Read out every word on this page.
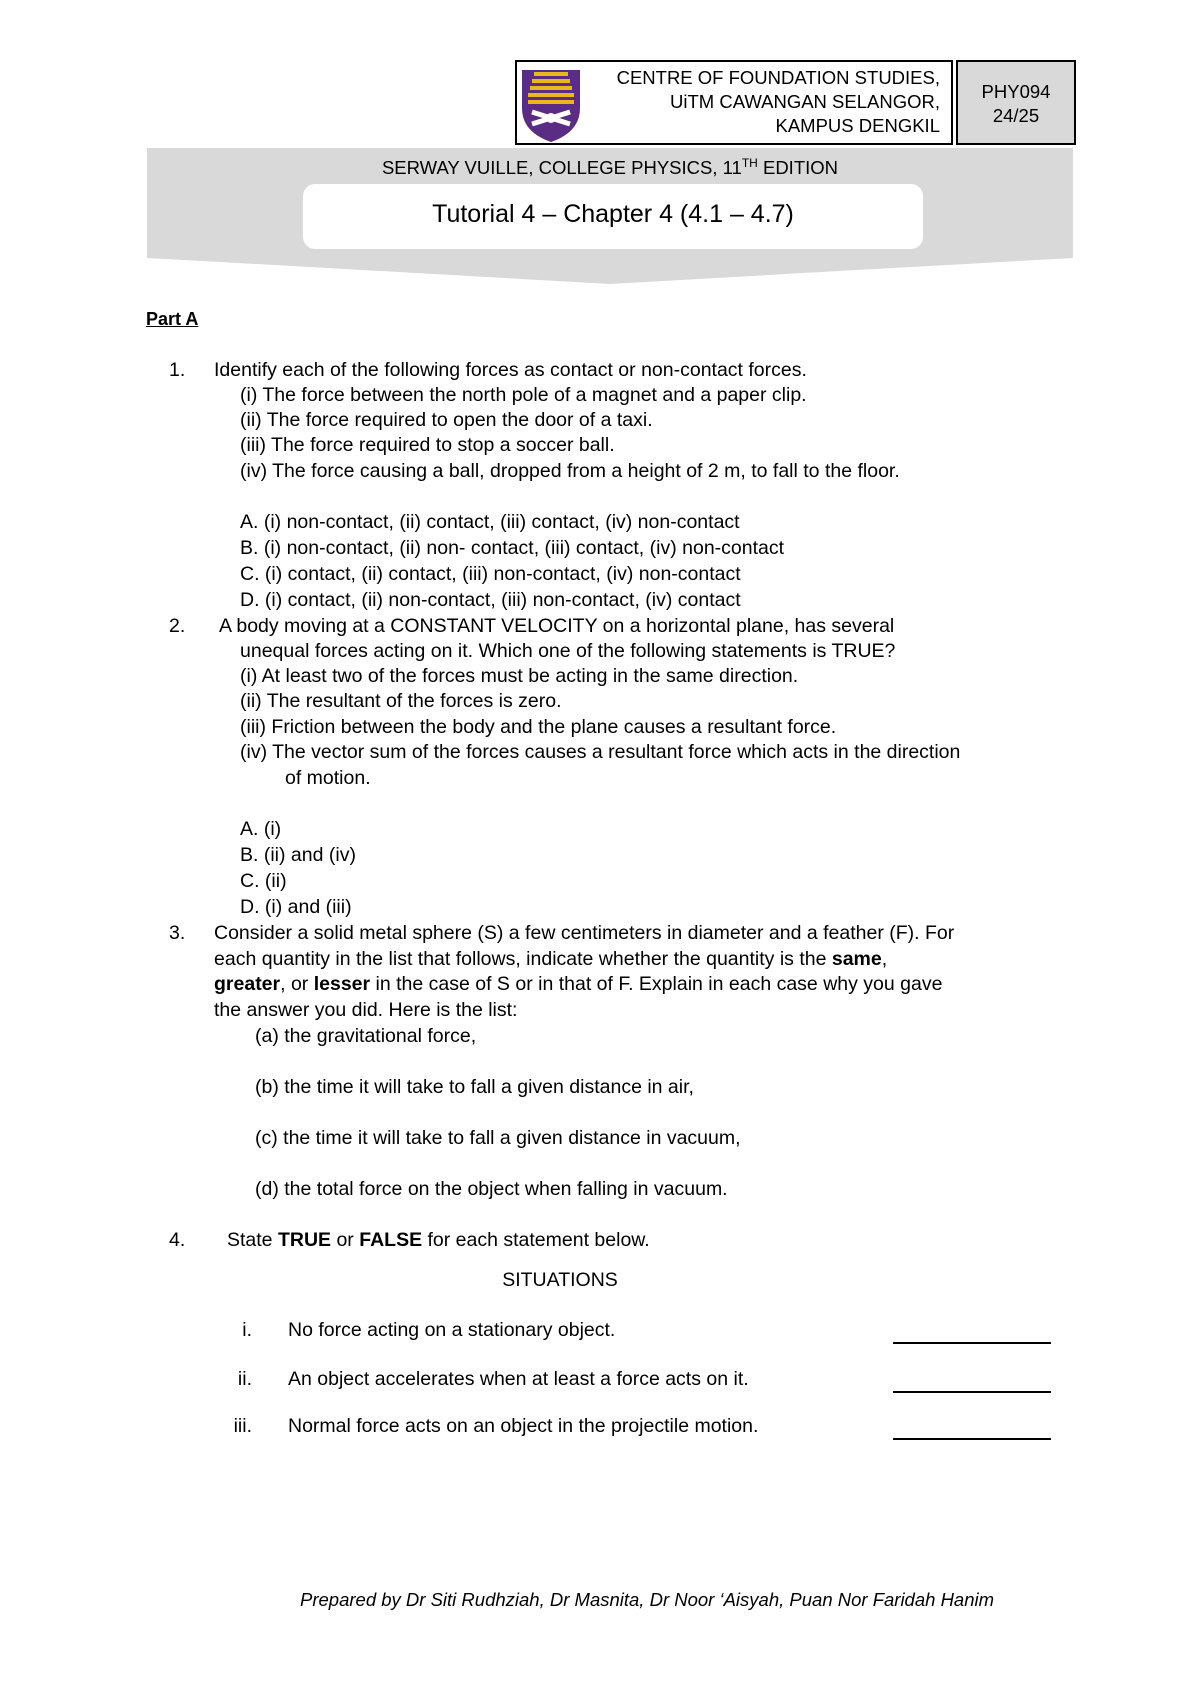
CENTRE OF FOUNDATION STUDIES,
UiTM CAWANGAN SELANGOR,
KAMPUS DENGKIL
PHY094
24/25
SERWAY VUILLE, COLLEGE PHYSICS, 11TH EDITION
Tutorial 4 – Chapter 4 (4.1 – 4.7)
Part A
1. Identify each of the following forces as contact or non-contact forces.
(i) The force between the north pole of a magnet and a paper clip.
(ii) The force required to open the door of a taxi.
(iii) The force required to stop a soccer ball.
(iv) The force causing a ball, dropped from a height of 2 m, to fall to the floor.
A. (i) non-contact, (ii) contact, (iii) contact, (iv) non-contact
B. (i) non-contact, (ii) non- contact, (iii) contact, (iv) non-contact
C. (i) contact, (ii) contact, (iii) non-contact, (iv) non-contact
D. (i) contact, (ii) non-contact, (iii) non-contact, (iv) contact
2. A body moving at a CONSTANT VELOCITY on a horizontal plane, has several
unequal forces acting on it. Which one of the following statements is TRUE?
(i) At least two of the forces must be acting in the same direction.
(ii) The resultant of the forces is zero.
(iii) Friction between the body and the plane causes a resultant force.
(iv) The vector sum of the forces causes a resultant force which acts in the direction
of motion.
A. (i)
B. (ii) and (iv)
C. (ii)
D. (i) and (iii)
3. Consider a solid metal sphere (S) a few centimeters in diameter and a feather (F). For
each quantity in the list that follows, indicate whether the quantity is the same,
greater, or lesser in the case of S or in that of F. Explain in each case why you gave
the answer you did. Here is the list:
(a) the gravitational force,
(b) the time it will take to fall a given distance in air,
(c) the time it will take to fall a given distance in vacuum,
(d) the total force on the object when falling in vacuum.
4. State TRUE or FALSE for each statement below.
SITUATIONS
i. No force acting on a stationary object.
ii. An object accelerates when at least a force acts on it.
iii. Normal force acts on an object in the projectile motion.
Prepared by Dr Siti Rudhziah, Dr Masnita, Dr Noor ‘Aisyah, Puan Nor Faridah Hanim
